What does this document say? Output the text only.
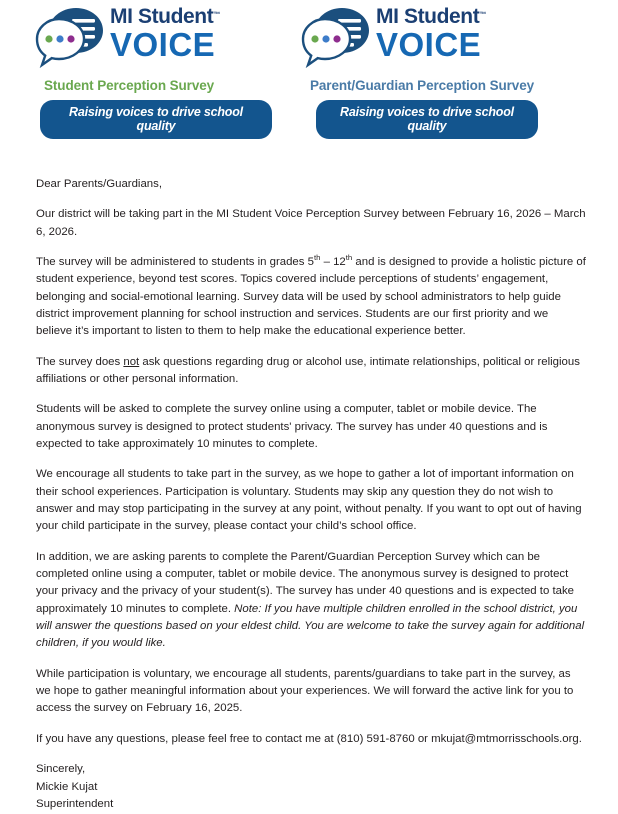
MI Student™
VOICE
Student Perception Survey
Raising voices to drive school quality
MI Student™
VOICE
Parent/Guardian Perception Survey
Raising voices to drive school quality

Dear Parents/Guardians,

Our district will be taking part in the MI Student Voice Perception Survey between February 16, 2026 – March 6, 2026.

The survey will be administered to students in grades 5th – 12th and is designed to provide a holistic picture of student experience, beyond test scores. Topics covered include perceptions of students’ engagement, belonging and social-emotional learning. Survey data will be used by school administrators to help guide district improvement planning for school instruction and services. Students are our first priority and we believe it’s important to listen to them to help make the educational experience better.

The survey does not ask questions regarding drug or alcohol use, intimate relationships, political or religious affiliations or other personal information.

Students will be asked to complete the survey online using a computer, tablet or mobile device. The anonymous survey is designed to protect students' privacy. The survey has under 40 questions and is expected to take approximately 10 minutes to complete.

We encourage all students to take part in the survey, as we hope to gather a lot of important information on their school experiences. Participation is voluntary. Students may skip any question they do not wish to answer and may stop participating in the survey at any point, without penalty. If you want to opt out of having your child participate in the survey, please contact your child’s school office.

In addition, we are asking parents to complete the Parent/Guardian Perception Survey which can be completed online using a computer, tablet or mobile device. The anonymous survey is designed to protect your privacy and the privacy of your student(s). The survey has under 40 questions and is expected to take approximately 10 minutes to complete. Note: If you have multiple children enrolled in the school district, you will answer the questions based on your eldest child. You are welcome to take the survey again for additional children, if you would like.

While participation is voluntary, we encourage all students, parents/guardians to take part in the survey, as we hope to gather meaningful information about your experiences. We will forward the active link for you to access the survey on February 16, 2025.

If you have any questions, please feel free to contact me at (810) 591-8760 or mkujat@mtmorrisschools.org.

Sincerely,
Mickie Kujat
Superintendent
